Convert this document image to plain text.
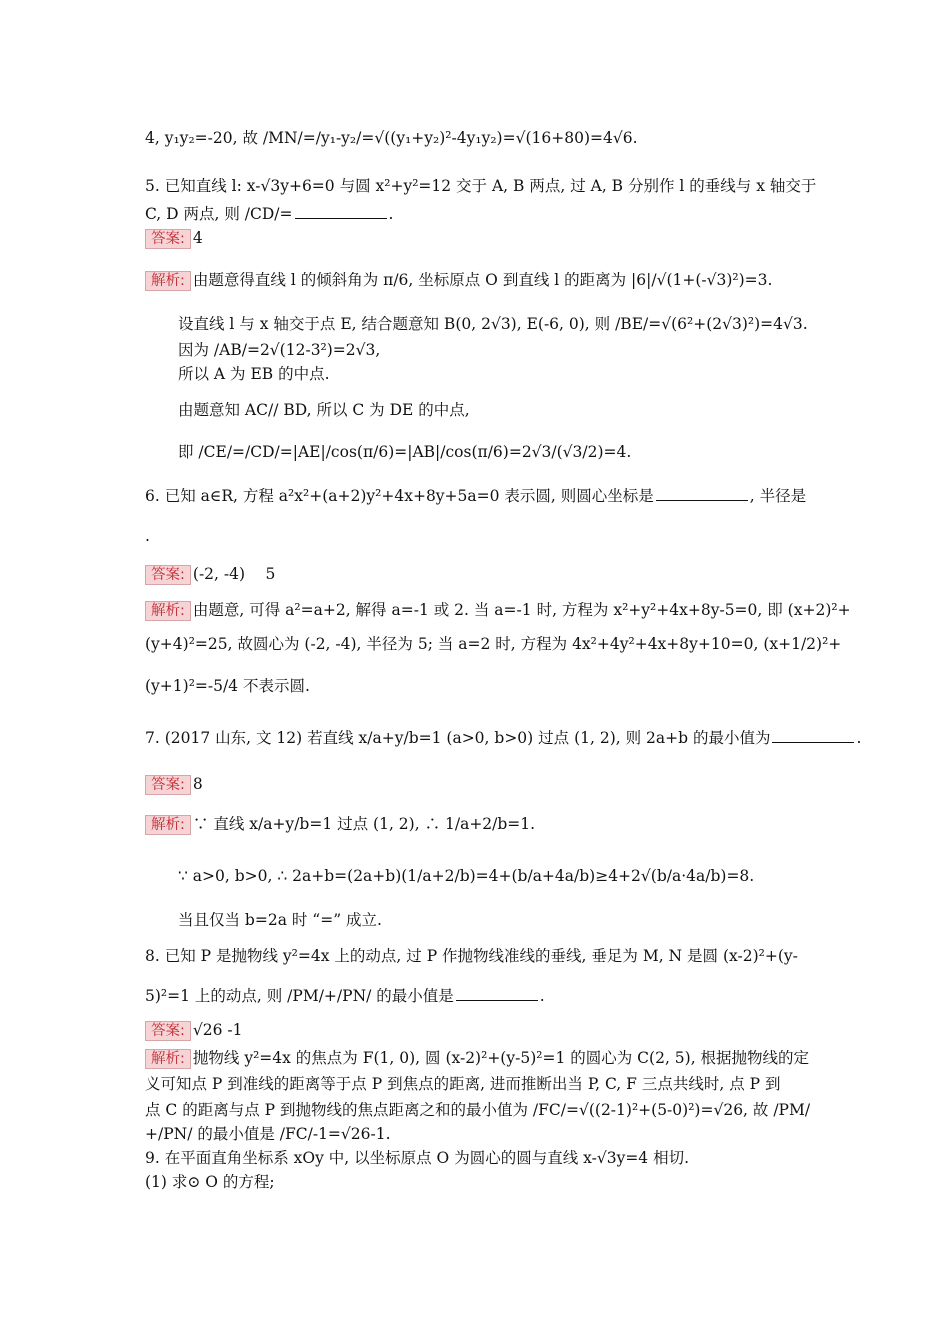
4, y₁y₂=-20, 故 /MN/=/y₁-y₂/=√((y₁+y₂)²-4y₁y₂)=√(16+80)=4√6.
5. 已知直线 l: x-√3y+6=0 与圆 x²+y²=12 交于 A, B 两点, 过 A, B 分别作 l 的垂线与 x 轴交于
C, D 两点, 则 /CD/=	.
答案: 4
解析: 由题意得直线 l 的倾斜角为 π/6, 坐标原点 O 到直线 l 的距离为 |6|/√(1+(-√3)²)=3.
设直线 l 与 x 轴交于点 E, 结合题意知 B(0, 2√3), E(-6, 0), 则 /BE/=√(6²+(2√3)²)=4√3.
因为 /AB/=2√(12-3²)=2√3,
所以 A 为 EB 的中点.
由题意知 AC// BD, 所以 C 为 DE 的中点,
即 /CE/=/CD/=|AE|/cos(π/6)=|AB|/cos(π/6)=2√3/(√3/2)=4.
6. 已知 a∈R, 方程 a²x²+(a+2)y²+4x+8y+5a=0 表示圆, 则圆心坐标是	, 半径是
.
答案: (-2, -4)　 5
解析: 由题意, 可得 a²=a+2, 解得 a=-1 或 2. 当 a=-1 时, 方程为 x²+y²+4x+8y-5=0, 即 (x+2)²+
(y+4)²=25, 故圆心为 (-2, -4), 半径为 5; 当 a=2 时, 方程为 4x²+4y²+4x+8y+10=0, (x+1/2)²+
(y+1)²=-5/4 不表示圆.
7. (2017 山东, 文 12) 若直线 x/a+y/b=1 (a>0, b>0) 过点 (1, 2), 则 2a+b 的最小值为	.
答案: 8
解析: ∵ 直线 x/a+y/b=1 过点 (1, 2), ∴ 1/a+2/b=1.
∵ a>0, b>0, ∴ 2a+b=(2a+b)(1/a+2/b)=4+(b/a+4a/b)≥4+2√(b/a·4a/b)=8.
当且仅当 b=2a 时 “=” 成立.
8. 已知 P 是抛物线 y²=4x 上的动点, 过 P 作抛物线准线的垂线, 垂足为 M, N 是圆 (x-2)²+(y-
5)²=1 上的动点, 则 /PM/+/PN/ 的最小值是	.
答案: √26 -1
解析: 抛物线 y²=4x 的焦点为 F(1, 0), 圆 (x-2)²+(y-5)²=1 的圆心为 C(2, 5), 根据抛物线的定
义可知点 P 到准线的距离等于点 P 到焦点的距离, 进而推断出当 P, C, F 三点共线时, 点 P 到
点 C 的距离与点 P 到抛物线的焦点距离之和的最小值为 /FC/=√((2-1)²+(5-0)²)=√26, 故 /PM/
+/PN/ 的最小值是 /FC/-1=√26-1.
9. 在平面直角坐标系 xOy 中, 以坐标原点 O 为圆心的圆与直线 x-√3y=4 相切.
(1) 求⊙ O 的方程;
